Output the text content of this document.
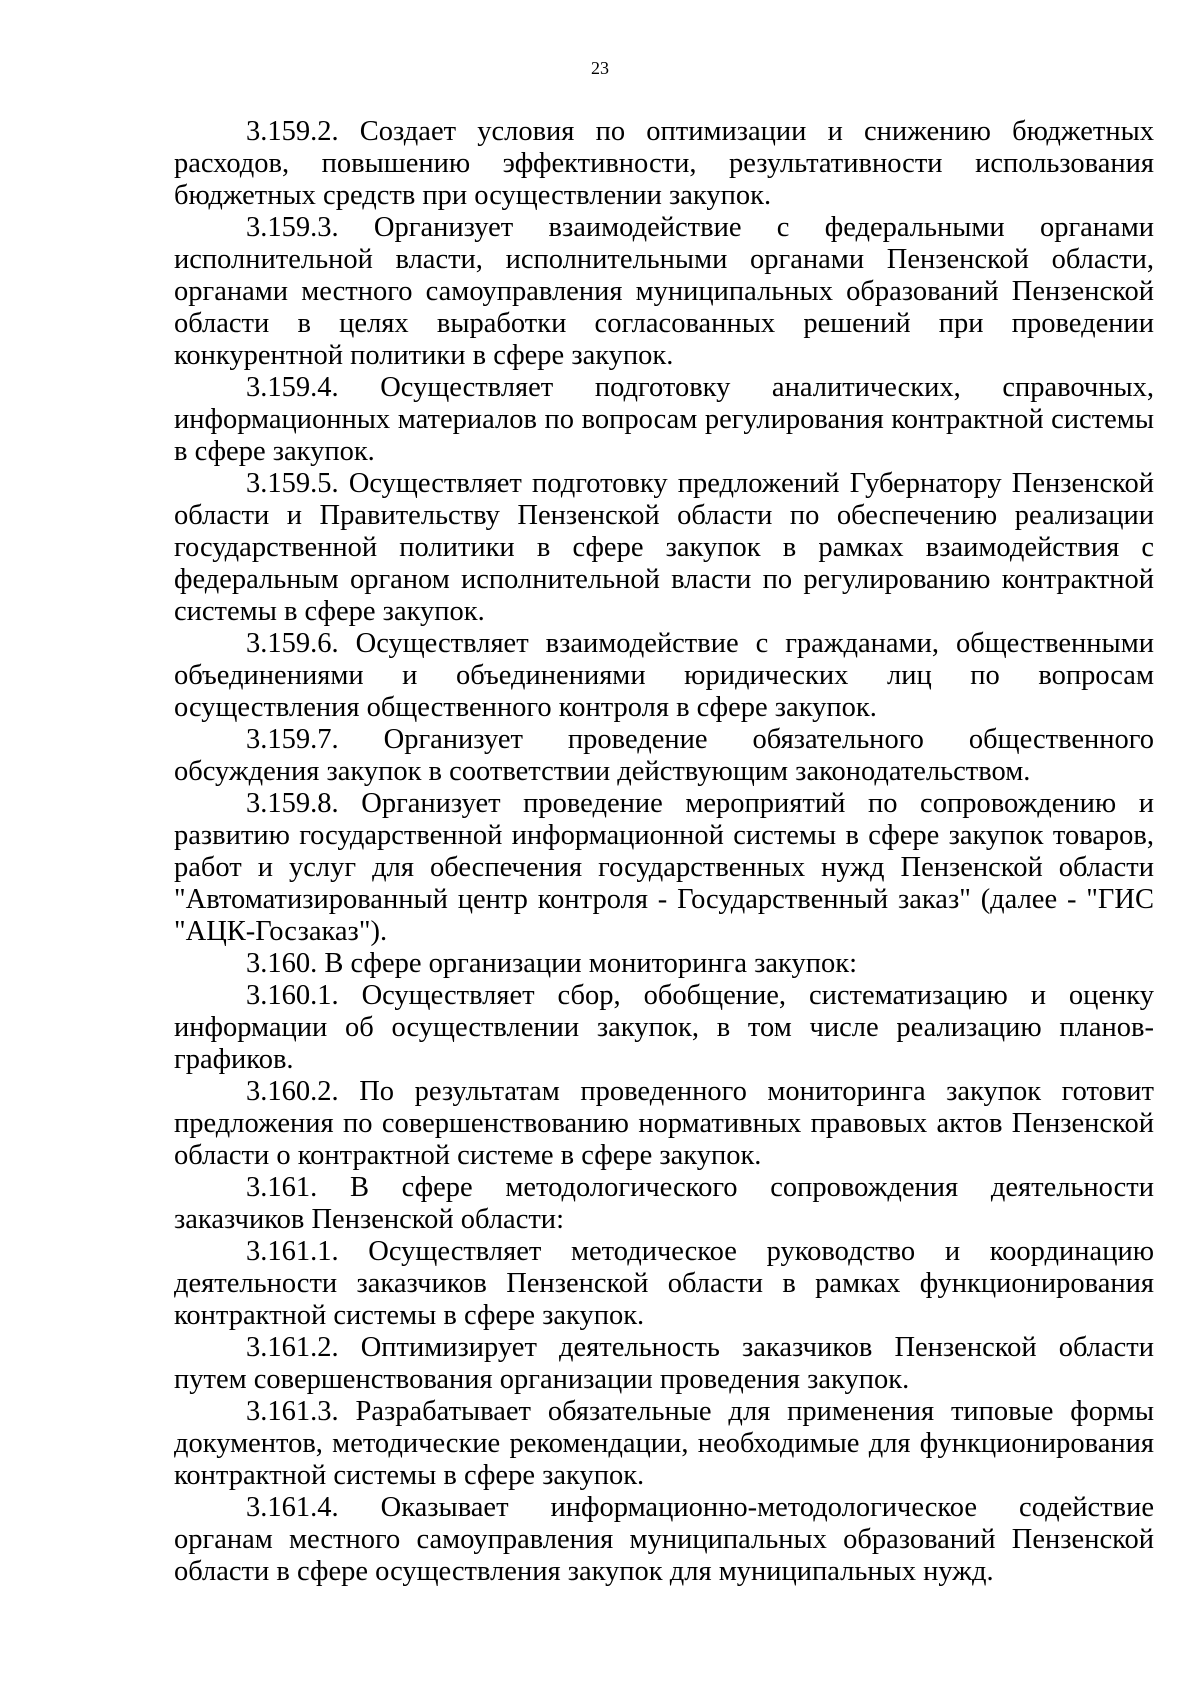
23

3.159.2. Создает условия по оптимизации и снижению бюджетных расходов, повышению эффективности, результативности использования бюджетных средств при осуществлении закупок.

3.159.3. Организует взаимодействие с федеральными органами исполнительной власти, исполнительными органами Пензенской области, органами местного самоуправления муниципальных образований Пензенской области в целях выработки согласованных решений при проведении конкурентной политики в сфере закупок.

3.159.4. Осуществляет подготовку аналитических, справочных, информационных материалов по вопросам регулирования контрактной системы в сфере закупок.

3.159.5. Осуществляет подготовку предложений Губернатору Пензенской области и Правительству Пензенской области по обеспечению реализации государственной политики в сфере закупок в рамках взаимодействия с федеральным органом исполнительной власти по регулированию контрактной системы в сфере закупок.

3.159.6. Осуществляет взаимодействие с гражданами, общественными объединениями и объединениями юридических лиц по вопросам осуществления общественного контроля в сфере закупок.

3.159.7. Организует проведение обязательного общественного обсуждения закупок в соответствии действующим законодательством.

3.159.8. Организует проведение мероприятий по сопровождению и развитию государственной информационной системы в сфере закупок товаров, работ и услуг для обеспечения государственных нужд Пензенской области "Автоматизированный центр контроля - Государственный заказ" (далее - "ГИС "АЦК-Госзаказ").

3.160. В сфере организации мониторинга закупок:

3.160.1. Осуществляет сбор, обобщение, систематизацию и оценку информации об осуществлении закупок, в том числе реализацию планов-графиков.

3.160.2. По результатам проведенного мониторинга закупок готовит предложения по совершенствованию нормативных правовых актов Пензенской области о контрактной системе в сфере закупок.

3.161. В сфере методологического сопровождения деятельности заказчиков Пензенской области:

3.161.1. Осуществляет методическое руководство и координацию деятельности заказчиков Пензенской области в рамках функционирования контрактной системы в сфере закупок.

3.161.2. Оптимизирует деятельность заказчиков Пензенской области путем совершенствования организации проведения закупок.

3.161.3. Разрабатывает обязательные для применения типовые формы документов, методические рекомендации, необходимые для функционирования контрактной системы в сфере закупок.

3.161.4. Оказывает информационно-методологическое содействие органам местного самоуправления муниципальных образований Пензенской области в сфере осуществления закупок для муниципальных нужд.
